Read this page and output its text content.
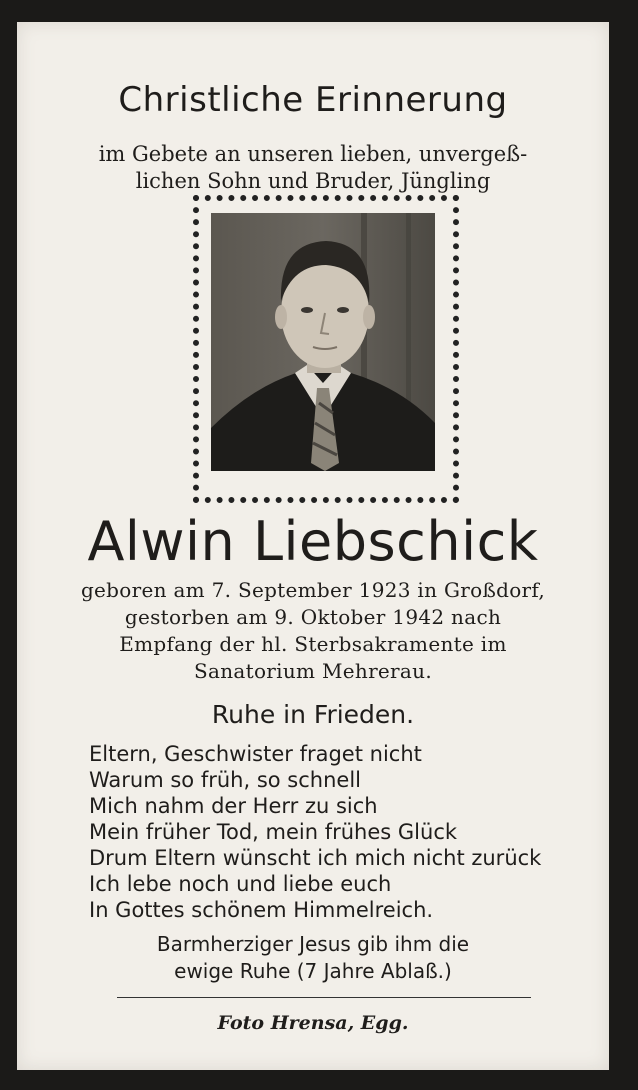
Christliche Erinnerung
im Gebete an unseren lieben, unvergeß-
lichen Sohn und Bruder, Jüngling
Alwin Liebschick
geboren am 7. September 1923 in Großdorf,
gestorben am 9. Oktober 1942 nach
Empfang der hl. Sterbsakramente im
Sanatorium Mehrerau.
Ruhe in Frieden.
Eltern, Geschwister fraget nicht
Warum so früh, so schnell
Mich nahm der Herr zu sich
Mein früher Tod, mein frühes Glück
Drum Eltern wünscht ich mich nicht zurück
Ich lebe noch und liebe euch
In Gottes schönem Himmelreich.
Barmherziger Jesus gib ihm die
ewige Ruhe (7 Jahre Ablaß.)
Foto Hrensa, Egg.
